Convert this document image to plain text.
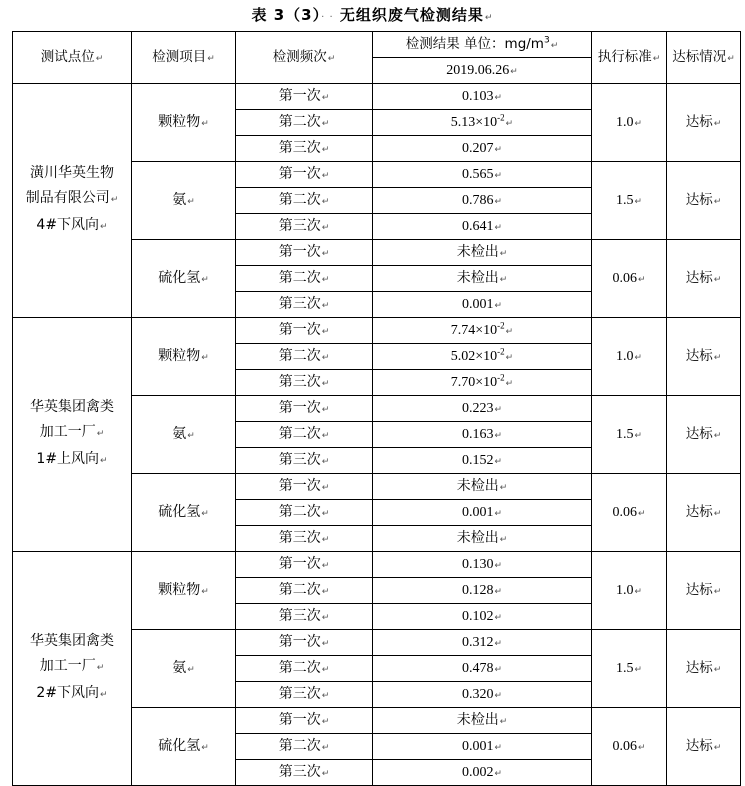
表 3（3）· · 无组织废气检测结果↵
测试点位↵	检测项目↵	检测频次↵	检测结果 单位：$mg/m^3↵$	执行标准↵	达标情况↵
			2019.06.26↵		

潢川华英生物
制品有限公司↵
4#下风向↵	颗粒物↵	第一次↵	0.103↵	1.0↵	达标↵
		第二次↵	$5.13\times 10^{-2}↵$		
		第三次↵	0.207↵		
	氨↵	第一次↵	0.565↵	1.5↵	达标↵
		第二次↵	0.786↵		
		第三次↵	0.641↵		
	硫化氢↵	第一次↵	未检出↵	0.06↵	达标↵
		第二次↵	未检出↵		
		第三次↵	0.001↵		

华英集团禽类
加工一厂↵
1#上风向↵	颗粒物↵	第一次↵	$7.74\times 10^{-2}↵$	1.0↵	达标↵
		第二次↵	$5.02\times 10^{-2}↵$		
		第三次↵	$7.70\times 10^{-2}↵$		
	氨↵	第一次↵	0.223↵	1.5↵	达标↵
		第二次↵	0.163↵		
		第三次↵	0.152↵		
	硫化氢↵	第一次↵	未检出↵	0.06↵	达标↵
		第二次↵	0.001↵		
		第三次↵	未检出↵		

华英集团禽类
加工一厂↵
2#下风向↵	颗粒物↵	第一次↵	0.130↵	1.0↵	达标↵
		第二次↵	0.128↵		
		第三次↵	0.102↵		
	氨↵	第一次↵	0.312↵	1.5↵	达标↵
		第二次↵	0.478↵		
		第三次↵	0.320↵		
	硫化氢↵	第一次↵	未检出↵	0.06↵	达标↵
		第二次↵	0.001↵		
		第三次↵	0.002↵		
